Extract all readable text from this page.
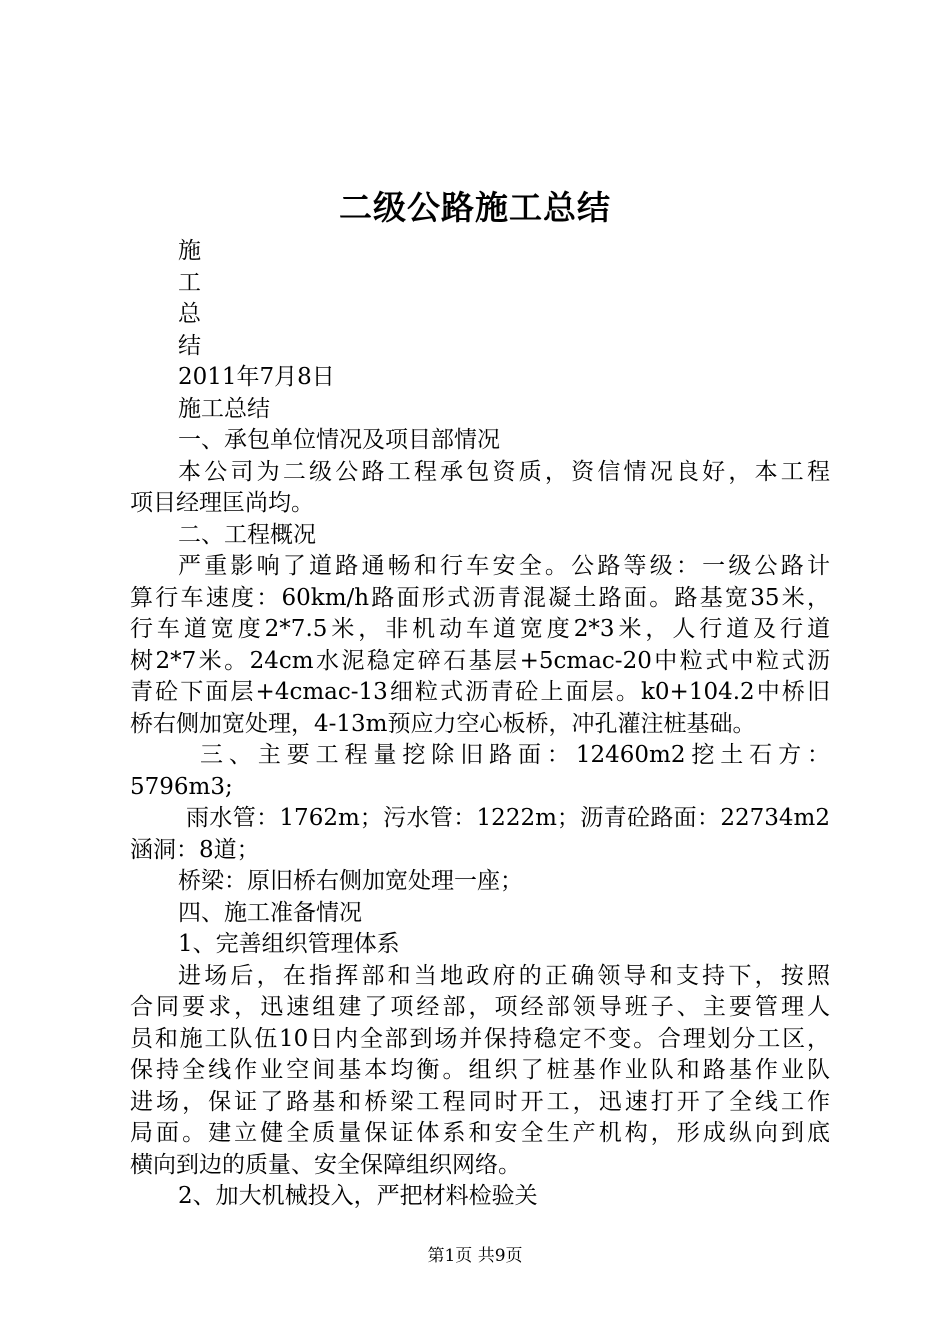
二级公路施工总结
施
工
总
结
2011年7月8日
施工总结
一、承包单位情况及项目部情况
本公司为二级公路工程承包资质，资信情况良好，本工程
项目经理匡尚均。
二、工程概况
严重影响了道路通畅和行车安全。公路等级：一级公路计
算行车速度：60km/h路面形式沥青混凝土路面。路基宽35米，
行车道宽度2*7.5米，非机动车道宽度2*3米，人行道及行道
树2*7米。24cm水泥稳定碎石基层+5cmac-20中粒式中粒式沥
青砼下面层+4cmac-13细粒式沥青砼上面层。k0+104.2中桥旧
桥右侧加宽处理，4-13m预应力空心板桥，冲孔灌注桩基础。
三、主要工程量挖除旧路面：12460m2挖土石方：
5796m3;
雨水管：1762m；污水管：1222m；沥青砼路面：22734m2
涵洞：8道；
桥梁：原旧桥右侧加宽处理一座；
四、施工准备情况
1、完善组织管理体系
进场后，在指挥部和当地政府的正确领导和支持下，按照
合同要求，迅速组建了项经部，项经部领导班子、主要管理人
员和施工队伍10日内全部到场并保持稳定不变。合理划分工区，
保持全线作业空间基本均衡。组织了桩基作业队和路基作业队
进场，保证了路基和桥梁工程同时开工，迅速打开了全线工作
局面。建立健全质量保证体系和安全生产机构，形成纵向到底
横向到边的质量、安全保障组织网络。
2、加大机械投入，严把材料检验关
第1页 共9页
